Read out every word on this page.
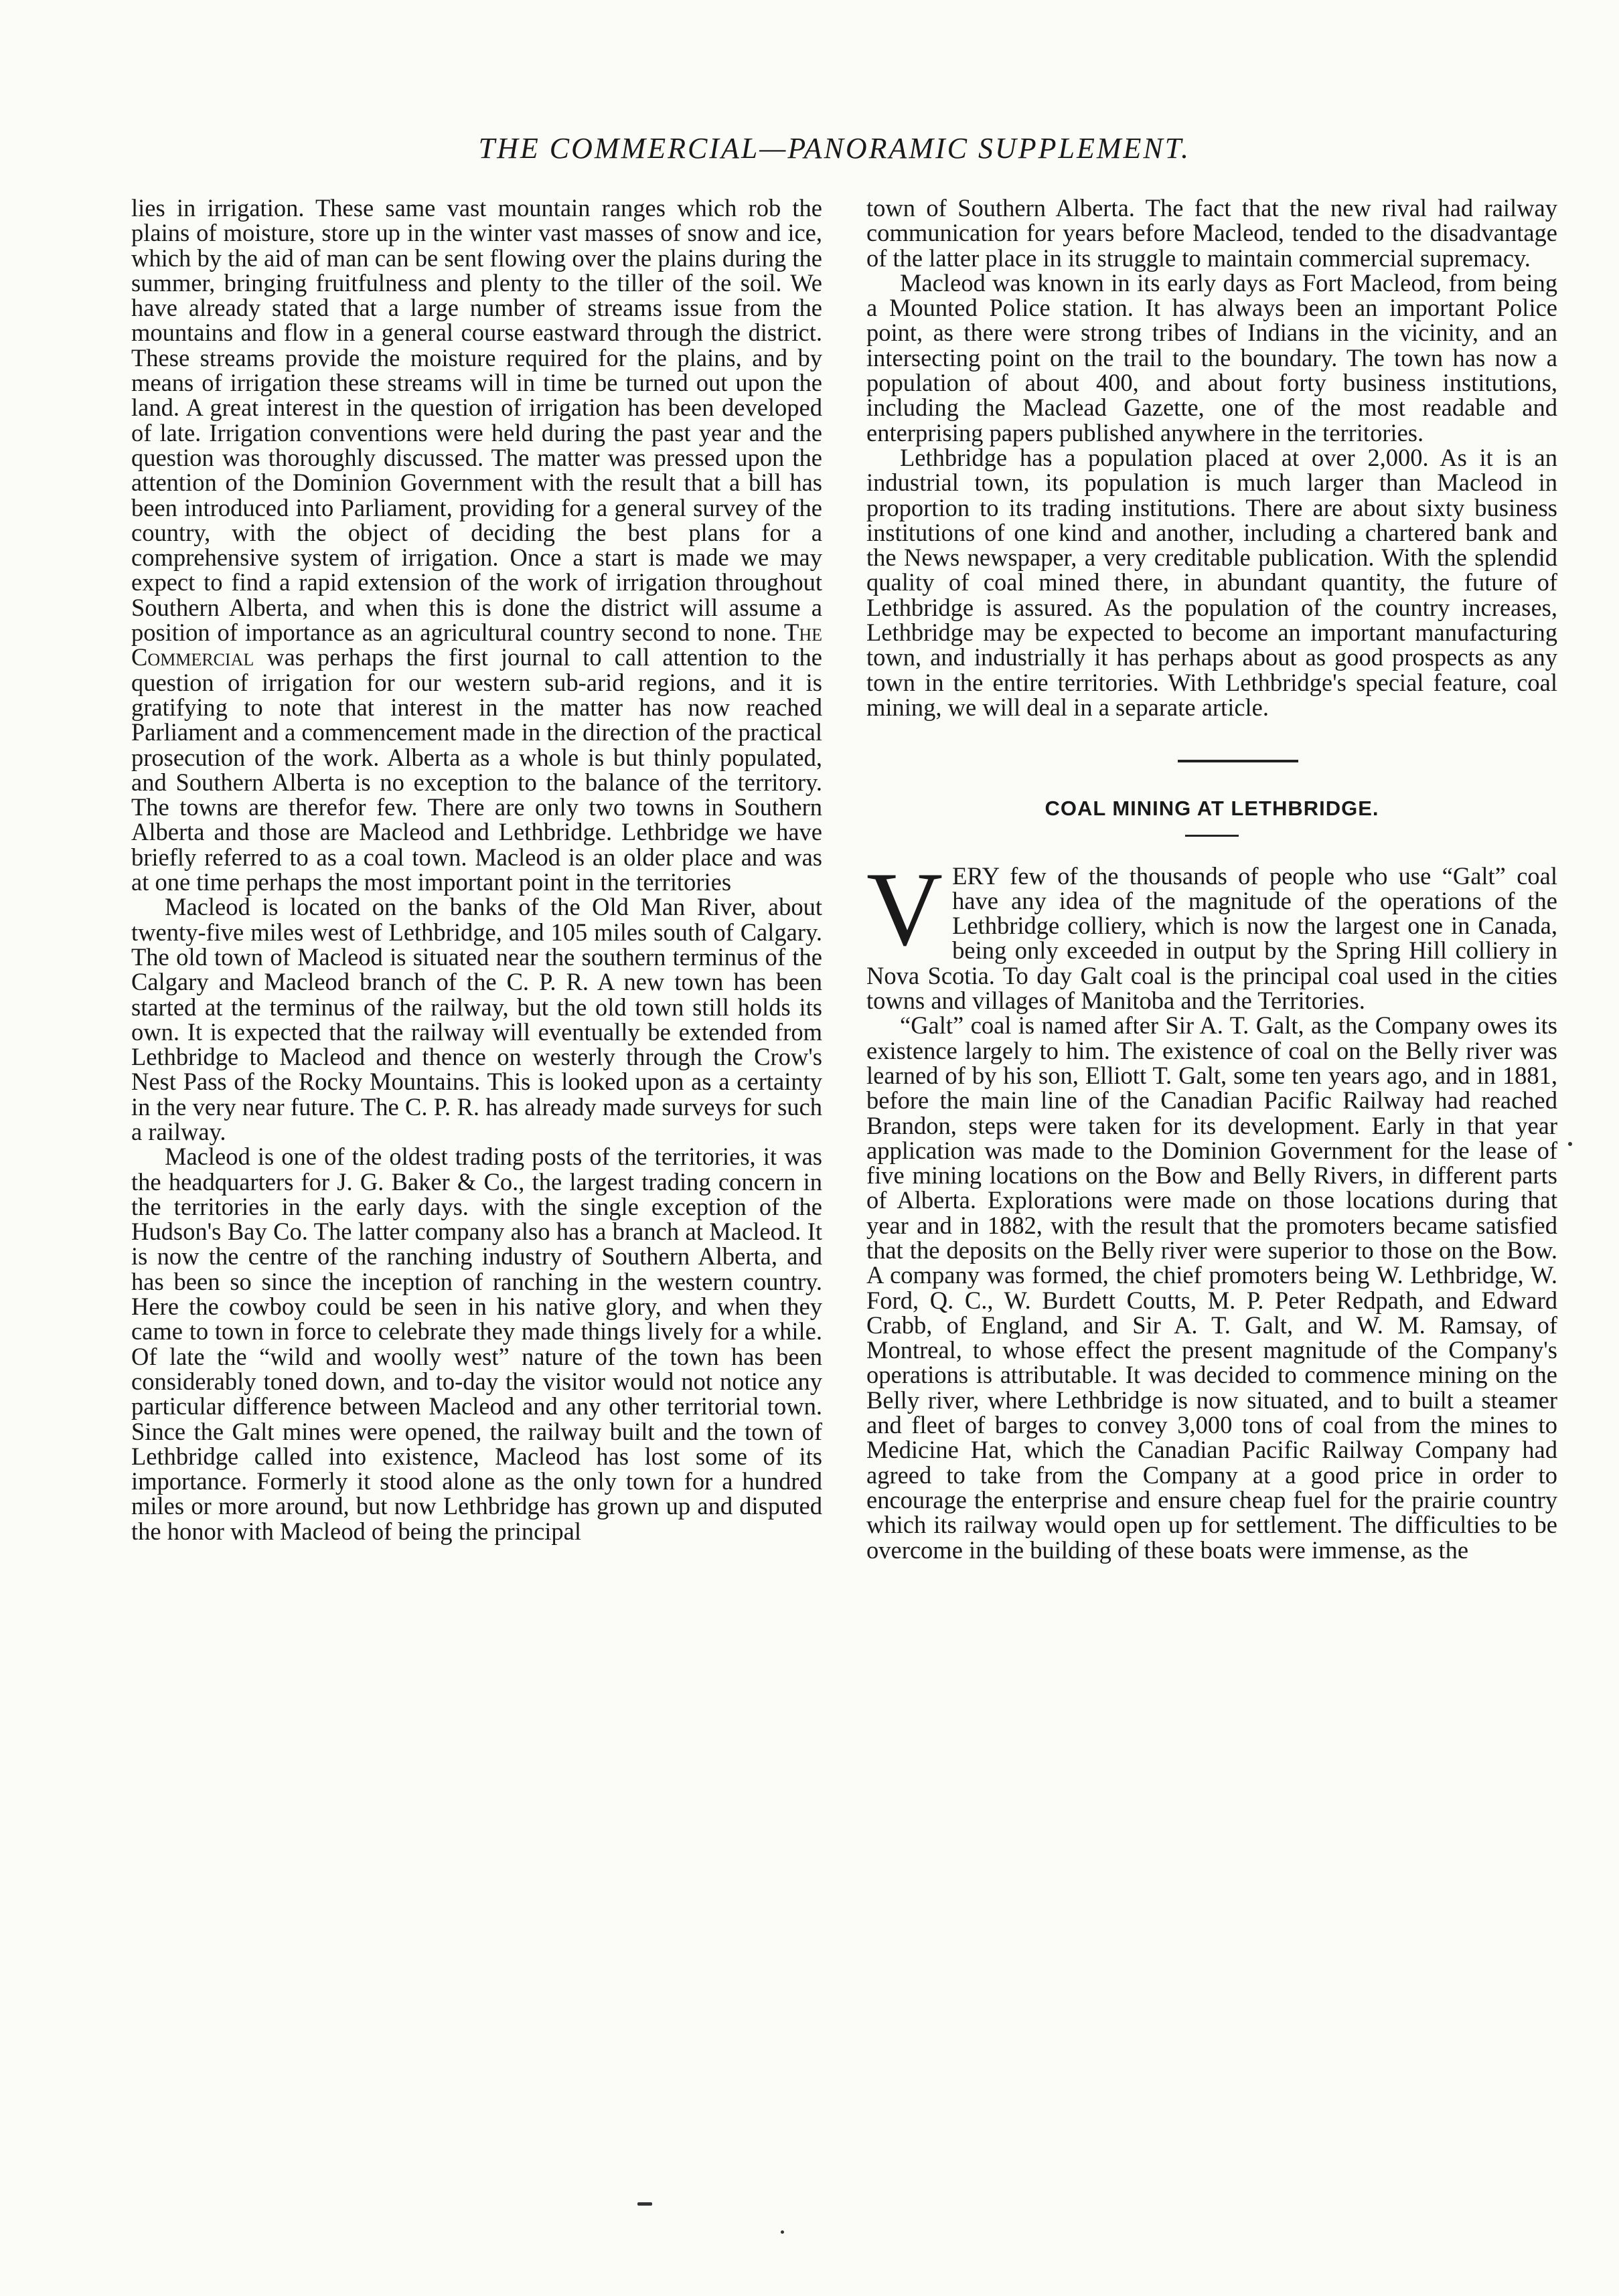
THE COMMERCIAL—PANORAMIC SUPPLEMENT.

lies in irrigation. These same vast mountain ranges which rob the plains of moisture, store up in the winter vast masses of snow and ice, which by the aid of man can be sent flowing over the plains during the summer, bringing fruitfulness and plenty to the tiller of the soil. We have already stated that a large number of streams issue from the mountains and flow in a general course eastward through the district. These streams provide the moisture required for the plains, and by means of irrigation these streams will in time be turned out upon the land. A great interest in the question of irrigation has been developed of late. Irrigation conventions were held during the past year and the question was thoroughly discussed. The matter was pressed upon the attention of the Dominion Government with the result that a bill has been introduced into Parliament, providing for a general survey of the country, with the object of deciding the best plans for a comprehensive system of irrigation. Once a start is made we may expect to find a rapid extension of the work of irrigation throughout Southern Alberta, and when this is done the district will assume a position of importance as an agricultural country second to none. The Commercial was perhaps the first journal to call attention to the question of irrigation for our western sub-arid regions, and it is gratifying to note that interest in the matter has now reached Parliament and a commencement made in the direction of the practical prosecution of the work. Alberta as a whole is but thinly populated, and Southern Alberta is no exception to the balance of the territory. The towns are therefor few. There are only two towns in Southern Alberta and those are Macleod and Lethbridge. Lethbridge we have briefly referred to as a coal town. Macleod is an older place and was at one time perhaps the most important point in the territories

Macleod is located on the banks of the Old Man River, about twenty-five miles west of Lethbridge, and 105 miles south of Calgary. The old town of Macleod is situated near the southern terminus of the Calgary and Macleod branch of the C. P. R. A new town has been started at the terminus of the railway, but the old town still holds its own. It is expected that the railway will eventually be extended from Lethbridge to Macleod and thence on westerly through the Crow's Nest Pass of the Rocky Mountains. This is looked upon as a certainty in the very near future. The C. P. R. has already made surveys for such a railway.

Macleod is one of the oldest trading posts of the territories, it was the headquarters for J. G. Baker & Co., the largest trading concern in the territories in the early days. with the single exception of the Hudson's Bay Co. The latter company also has a branch at Macleod. It is now the centre of the ranching industry of Southern Alberta, and has been so since the inception of ranching in the western country. Here the cowboy could be seen in his native glory, and when they came to town in force to celebrate they made things lively for a while. Of late the “wild and woolly west” nature of the town has been considerably toned down, and to-day the visitor would not notice any particular difference between Macleod and any other territorial town. Since the Galt mines were opened, the railway built and the town of Lethbridge called into existence, Macleod has lost some of its importance. Formerly it stood alone as the only town for a hundred miles or more around, but now Lethbridge has grown up and disputed the honor with Macleod of being the principal

town of Southern Alberta. The fact that the new rival had railway communication for years before Macleod, tended to the disadvantage of the latter place in its struggle to maintain commercial supremacy.

Macleod was known in its early days as Fort Macleod, from being a Mounted Police station. It has always been an important Police point, as there were strong tribes of Indians in the vicinity, and an intersecting point on the trail to the boundary. The town has now a population of about 400, and about forty business institutions, including the Maclead Gazette, one of the most readable and enterprising papers published anywhere in the territories.

Lethbridge has a population placed at over 2,000. As it is an industrial town, its population is much larger than Macleod in proportion to its trading institutions. There are about sixty business institutions of one kind and another, including a chartered bank and the News newspaper, a very creditable publication. With the splendid quality of coal mined there, in abundant quantity, the future of Lethbridge is assured. As the population of the country increases, Lethbridge may be expected to become an important manufacturing town, and industrially it has perhaps about as good prospects as any town in the entire territories. With Lethbridge's special feature, coal mining, we will deal in a separate article.

COAL MINING AT LETHBRIDGE.

VERY few of the thousands of people who use “Galt” coal have any idea of the magnitude of the operations of the Lethbridge colliery, which is now the largest one in Canada, being only exceeded in output by the Spring Hill colliery in Nova Scotia. To day Galt coal is the principal coal used in the cities towns and villages of Manitoba and the Territories.

“Galt” coal is named after Sir A. T. Galt, as the Company owes its existence largely to him. The existence of coal on the Belly river was learned of by his son, Elliott T. Galt, some ten years ago, and in 1881, before the main line of the Canadian Pacific Railway had reached Brandon, steps were taken for its development. Early in that year application was made to the Dominion Government for the lease of five mining locations on the Bow and Belly Rivers, in different parts of Alberta. Explorations were made on those locations during that year and in 1882, with the result that the promoters became satisfied that the deposits on the Belly river were superior to those on the Bow. A company was formed, the chief promoters being W. Lethbridge, W. Ford, Q. C., W. Burdett Coutts, M. P. Peter Redpath, and Edward Crabb, of England, and Sir A. T. Galt, and W. M. Ramsay, of Montreal, to whose effect the present magnitude of the Company's operations is attributable. It was decided to commence mining on the Belly river, where Lethbridge is now situated, and to built a steamer and fleet of barges to convey 3,000 tons of coal from the mines to Medicine Hat, which the Canadian Pacific Railway Company had agreed to take from the Company at a good price in order to encourage the enterprise and ensure cheap fuel for the prairie country which its railway would open up for settlement. The difficulties to be overcome in the building of these boats were immense, as the
